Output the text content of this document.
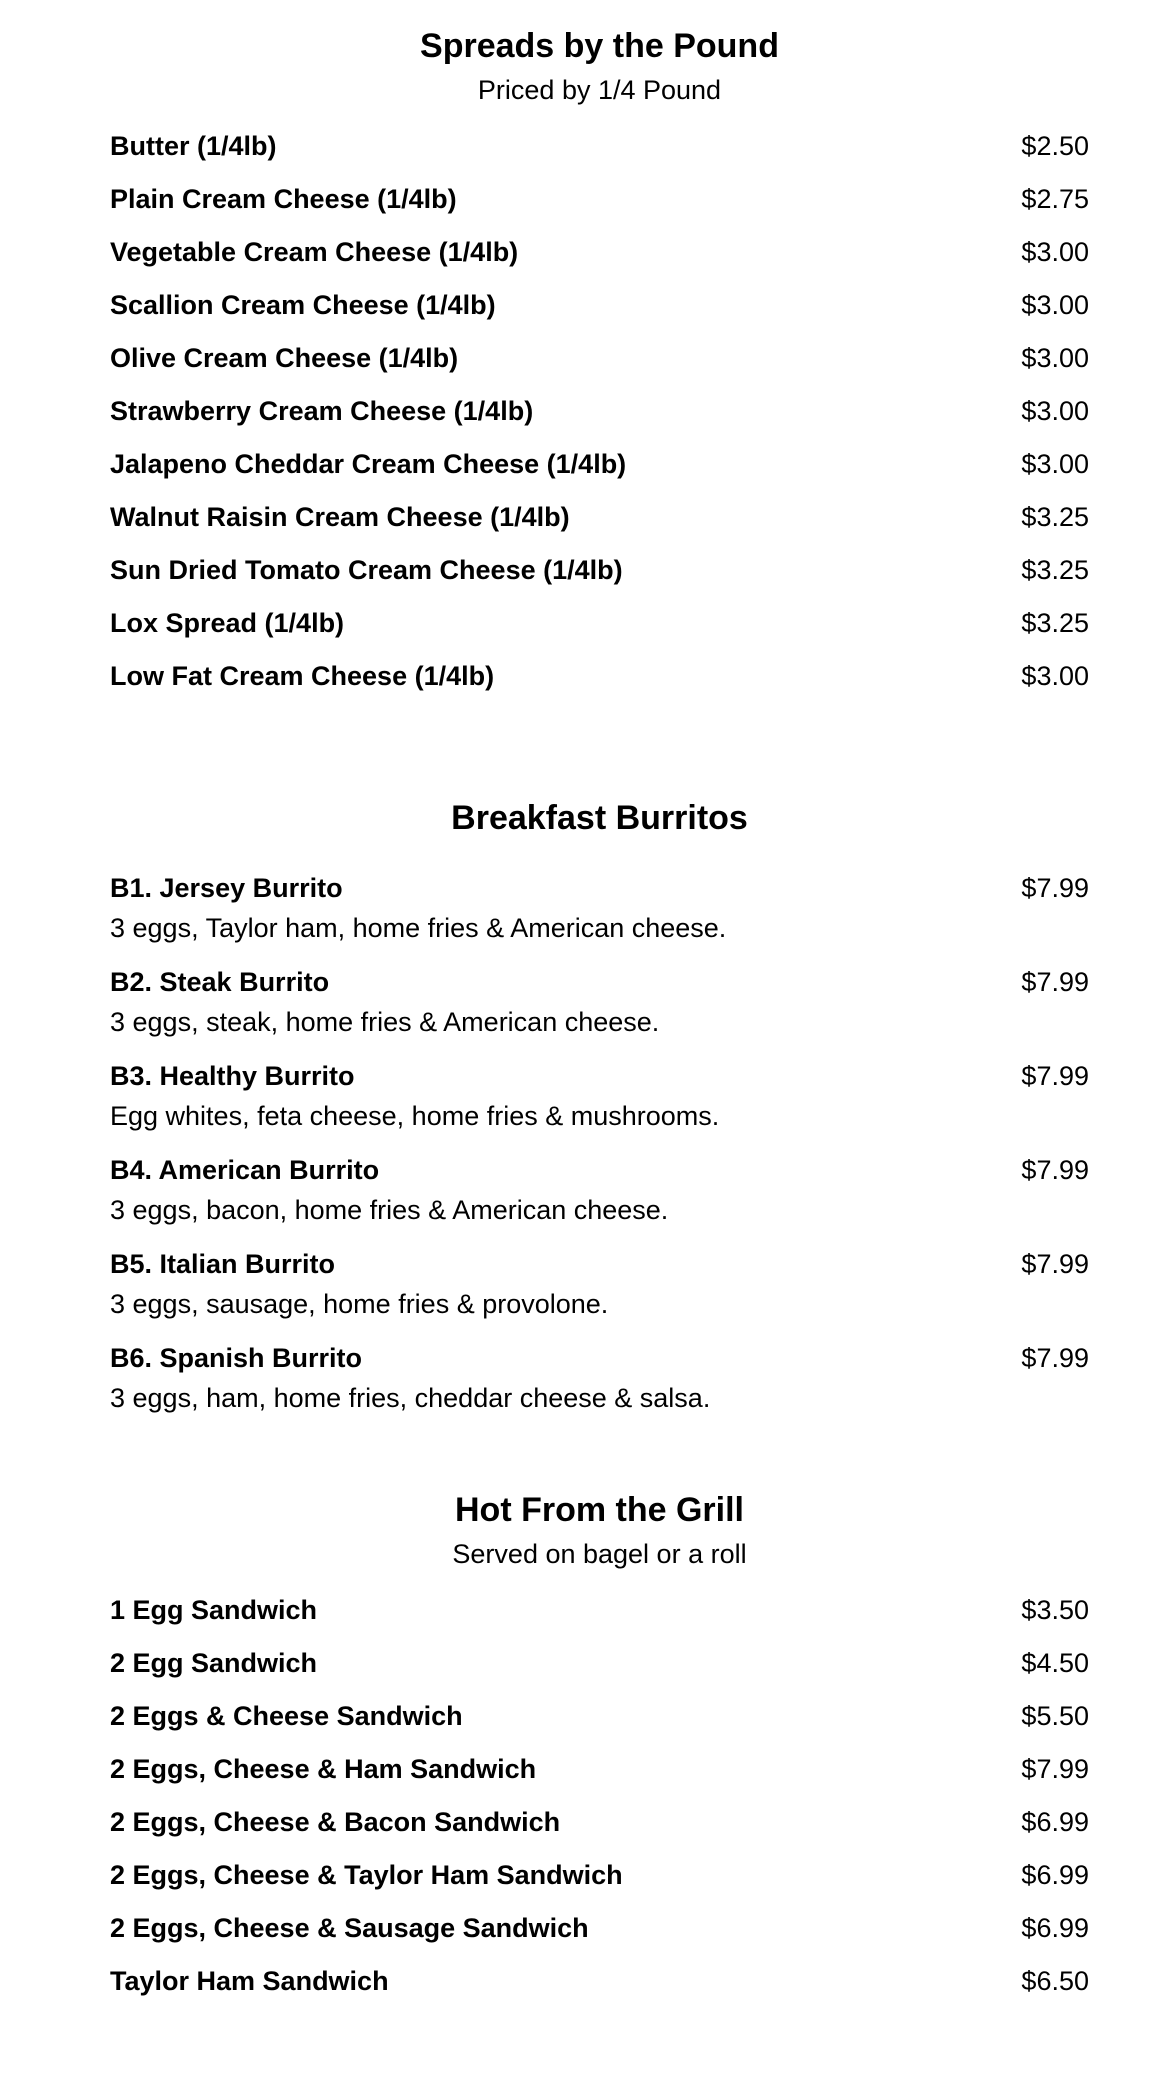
Spreads by the Pound
Priced by 1/4 Pound
Butter (1/4lb)	$2.50
Plain Cream Cheese (1/4lb)	$2.75
Vegetable Cream Cheese (1/4lb)	$3.00
Scallion Cream Cheese (1/4lb)	$3.00
Olive Cream Cheese (1/4lb)	$3.00
Strawberry Cream Cheese (1/4lb)	$3.00
Jalapeno Cheddar Cream Cheese (1/4lb)	$3.00
Walnut Raisin Cream Cheese (1/4lb)	$3.25
Sun Dried Tomato Cream Cheese (1/4lb)	$3.25
Lox Spread (1/4lb)	$3.25
Low Fat Cream Cheese (1/4lb)	$3.00
Breakfast Burritos
B1. Jersey Burrito	$7.99
3 eggs, Taylor ham, home fries & American cheese.
B2. Steak Burrito	$7.99
3 eggs, steak, home fries & American cheese.
B3. Healthy Burrito	$7.99
Egg whites, feta cheese, home fries & mushrooms.
B4. American Burrito	$7.99
3 eggs, bacon, home fries & American cheese.
B5. Italian Burrito	$7.99
3 eggs, sausage, home fries & provolone.
B6. Spanish Burrito	$7.99
3 eggs, ham, home fries, cheddar cheese & salsa.
Hot From the Grill
Served on bagel or a roll
1 Egg Sandwich	$3.50
2 Egg Sandwich	$4.50
2 Eggs & Cheese Sandwich	$5.50
2 Eggs, Cheese & Ham Sandwich	$7.99
2 Eggs, Cheese & Bacon Sandwich	$6.99
2 Eggs, Cheese & Taylor Ham Sandwich	$6.99
2 Eggs, Cheese & Sausage Sandwich	$6.99
Taylor Ham Sandwich	$6.50
